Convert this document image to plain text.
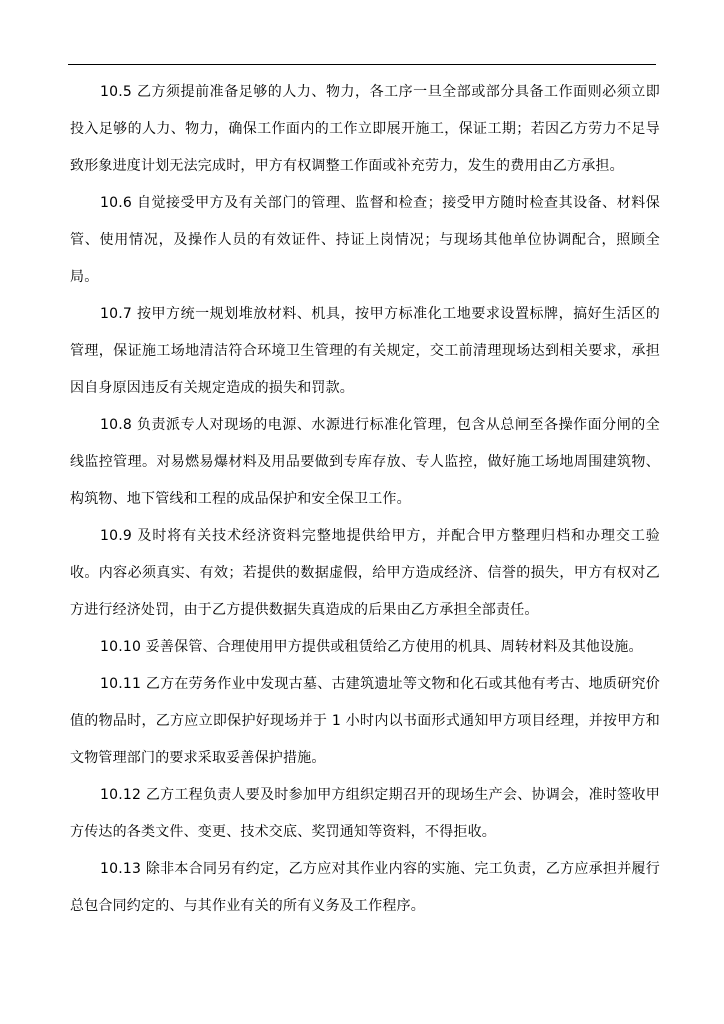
10.5 乙方须提前准备足够的人力、物力，各工序一旦全部或部分具备工作面则必须立即投入足够的人力、物力，确保工作面内的工作立即展开施工，保证工期；若因乙方劳力不足导致形象进度计划无法完成时，甲方有权调整工作面或补充劳力，发生的费用由乙方承担。

10.6 自觉接受甲方及有关部门的管理、监督和检查；接受甲方随时检查其设备、材料保管、使用情况，及操作人员的有效证件、持证上岗情况；与现场其他单位协调配合，照顾全局。

10.7 按甲方统一规划堆放材料、机具，按甲方标准化工地要求设置标牌，搞好生活区的管理，保证施工场地清洁符合环境卫生管理的有关规定，交工前清理现场达到相关要求，承担因自身原因违反有关规定造成的损失和罚款。

10.8 负责派专人对现场的电源、水源进行标准化管理，包含从总闸至各操作面分闸的全线监控管理。对易燃易爆材料及用品要做到专库存放、专人监控，做好施工场地周围建筑物、构筑物、地下管线和工程的成品保护和安全保卫工作。

10.9 及时将有关技术经济资料完整地提供给甲方，并配合甲方整理归档和办理交工验收。内容必须真实、有效；若提供的数据虚假，给甲方造成经济、信誉的损失，甲方有权对乙方进行经济处罚，由于乙方提供数据失真造成的后果由乙方承担全部责任。

10.10 妥善保管、合理使用甲方提供或租赁给乙方使用的机具、周转材料及其他设施。

10.11 乙方在劳务作业中发现古墓、古建筑遗址等文物和化石或其他有考古、地质研究价值的物品时，乙方应立即保护好现场并于 1 小时内以书面形式通知甲方项目经理，并按甲方和文物管理部门的要求采取妥善保护措施。

10.12 乙方工程负责人要及时参加甲方组织定期召开的现场生产会、协调会，准时签收甲方传达的各类文件、变更、技术交底、奖罚通知等资料，不得拒收。

10.13 除非本合同另有约定，乙方应对其作业内容的实施、完工负责，乙方应承担并履行总包合同约定的、与其作业有关的所有义务及工作程序。
